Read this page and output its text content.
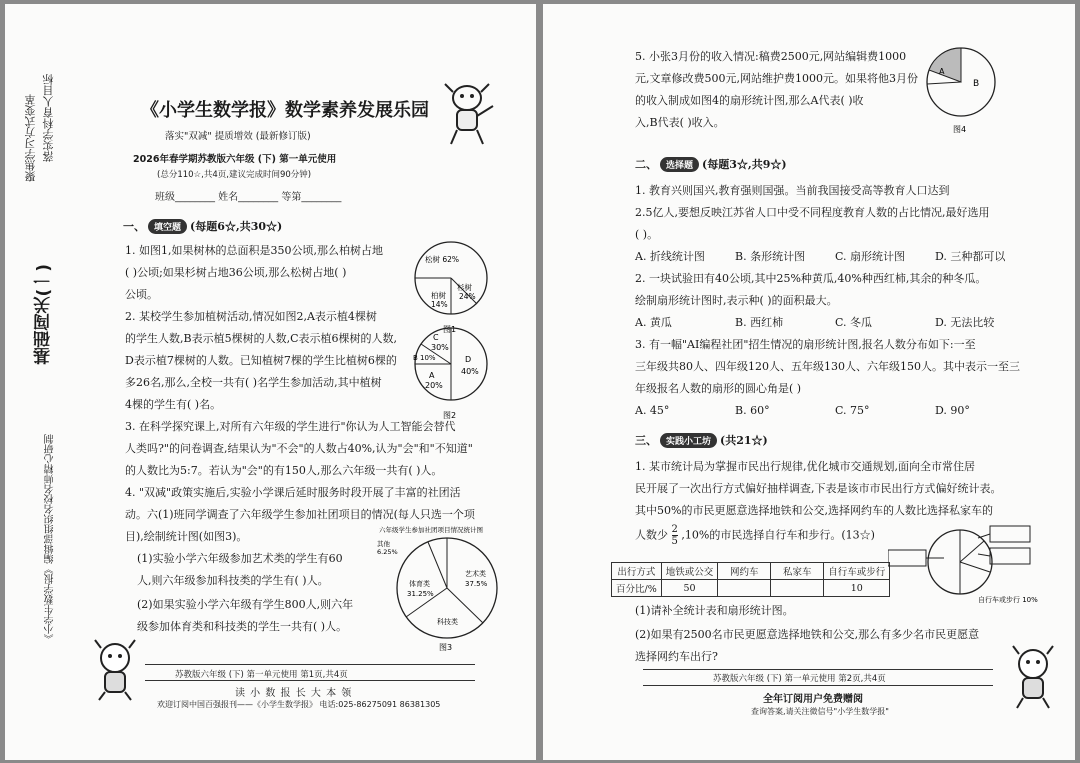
落实学科育人目标
聚焦学习方式变革
基础闯关(一)
《小学生数学报》编辑部组织名校名师精心研制
《小学生数学报》数学素养发展乐园
落实"双减" 提质增效 (最新修订版)
2026年春学期苏教版六年级 (下) 第一单元使用
(总分110☆,共4页,建议完成时间90分钟)
班级________ 姓名________ 等第________
一、 填空题 (每题6☆,共30☆)
1. 如图1,如果树林的总面积是350公顷,那么柏树占地
( )公顷;如果杉树占地36公顷,那么松树占地( )
公顷。
松树 62%
杉树
24%
柏树
14%
图1
2. 某校学生参加植树活动,情况如图2,A表示植4棵树
的学生人数,B表示植5棵树的人数,C表示植6棵树的人数,
D表示植7棵树的人数。已知植树7棵的学生比植树6棵的
多26名,那么,全校一共有( )名学生参加活动,其中植树
4棵的学生有( )名。
C
30%
B 10%
A
20%
D
40%
图2
3. 在科学探究课上,对所有六年级的学生进行"你认为人工智能会替代
人类吗?"的问卷调查,结果认为"不会"的人数占40%,认为"会"和"不知道"
的人数比为5:7。若认为"会"的有150人,那么六年级一共有( )人。
4. "双减"政策实施后,实验小学课后延时服务时段开展了丰富的社团活
动。六(1)班同学调查了六年级学生参加社团项目的情况(每人只选一个项
目),绘制统计图(如图3)。
(1)实验小学六年级参加艺术类的学生有60
人,则六年级参加科技类的学生有( )人。
(2)如果实验小学六年级有学生800人,则六年
级参加体育类和科技类的学生一共有( )人。
六年级学生参加社团项目情况统计图
其他
6.25%
艺术类
37.5%
体育类
31.25%
科技类
图3
苏教版六年级 (下) 第一单元使用 第1页,共4页
读 小 数 报 长 大 本 领
欢迎订阅中国百强报刊——《小学生数学报》 电话:025-86275091 86381305
5. 小张3月份的收入情况:稿费2500元,网站编辑费1000
元,文章修改费500元,网站维护费1000元。如果将他3月份
的收入制成如图4的扇形统计图,那么A代表( )收
入,B代表( )收入。
A
B
图4
二、 选择题 (每题3☆,共9☆)
1. 教育兴则国兴,教育强则国强。当前我国接受高等教育人口达到
2.5亿人,要想反映江苏省人口中受不同程度教育人数的占比情况,最好选用
( )。
A. 折线统计图	B. 条形统计图	C. 扇形统计图	D. 三种都可以
2. 一块试验田有40公顷,其中25%种黄瓜,40%种西红柿,其余的种冬瓜。
绘制扇形统计图时,表示种( )的面积最大。
A. 黄瓜	B. 西红柿	C. 冬瓜	D. 无法比较
3. 有一幅"AI编程社团"招生情况的扇形统计图,报名人数分布如下:一至
三年级共80人、四年级120人、五年级130人、六年级150人。其中表示一至三
年级报名人数的扇形的圆心角是( )
A. 45°	B. 60°	C. 75°	D. 90°
三、 实践小工坊 (共21☆)
1. 某市统计局为掌握市民出行规律,优化城市交通规划,面向全市常住居
民开展了一次出行方式偏好抽样调查,下表是该市市民出行方式偏好统计表。
其中50%的市民更愿意选择地铁和公交,选择网约车的人数比选择私家车的
人数少 $\frac{2}{5} ,10\%$的市民选择自行车和步行。(13☆)
出行方式	地铁或公交	网约车	私家车	自行车或步行
百分比/%	50			10
自行车或步行 10%
(1)请补全统计表和扇形统计图。
(2)如果有2500名市民更愿意选择地铁和公交,那么有多少名市民更愿意
选择网约车出行?
苏教版六年级 (下) 第一单元使用 第2页,共4页
全年订阅用户免费赠阅
查询答案,请关注微信号"小学生数学报"
